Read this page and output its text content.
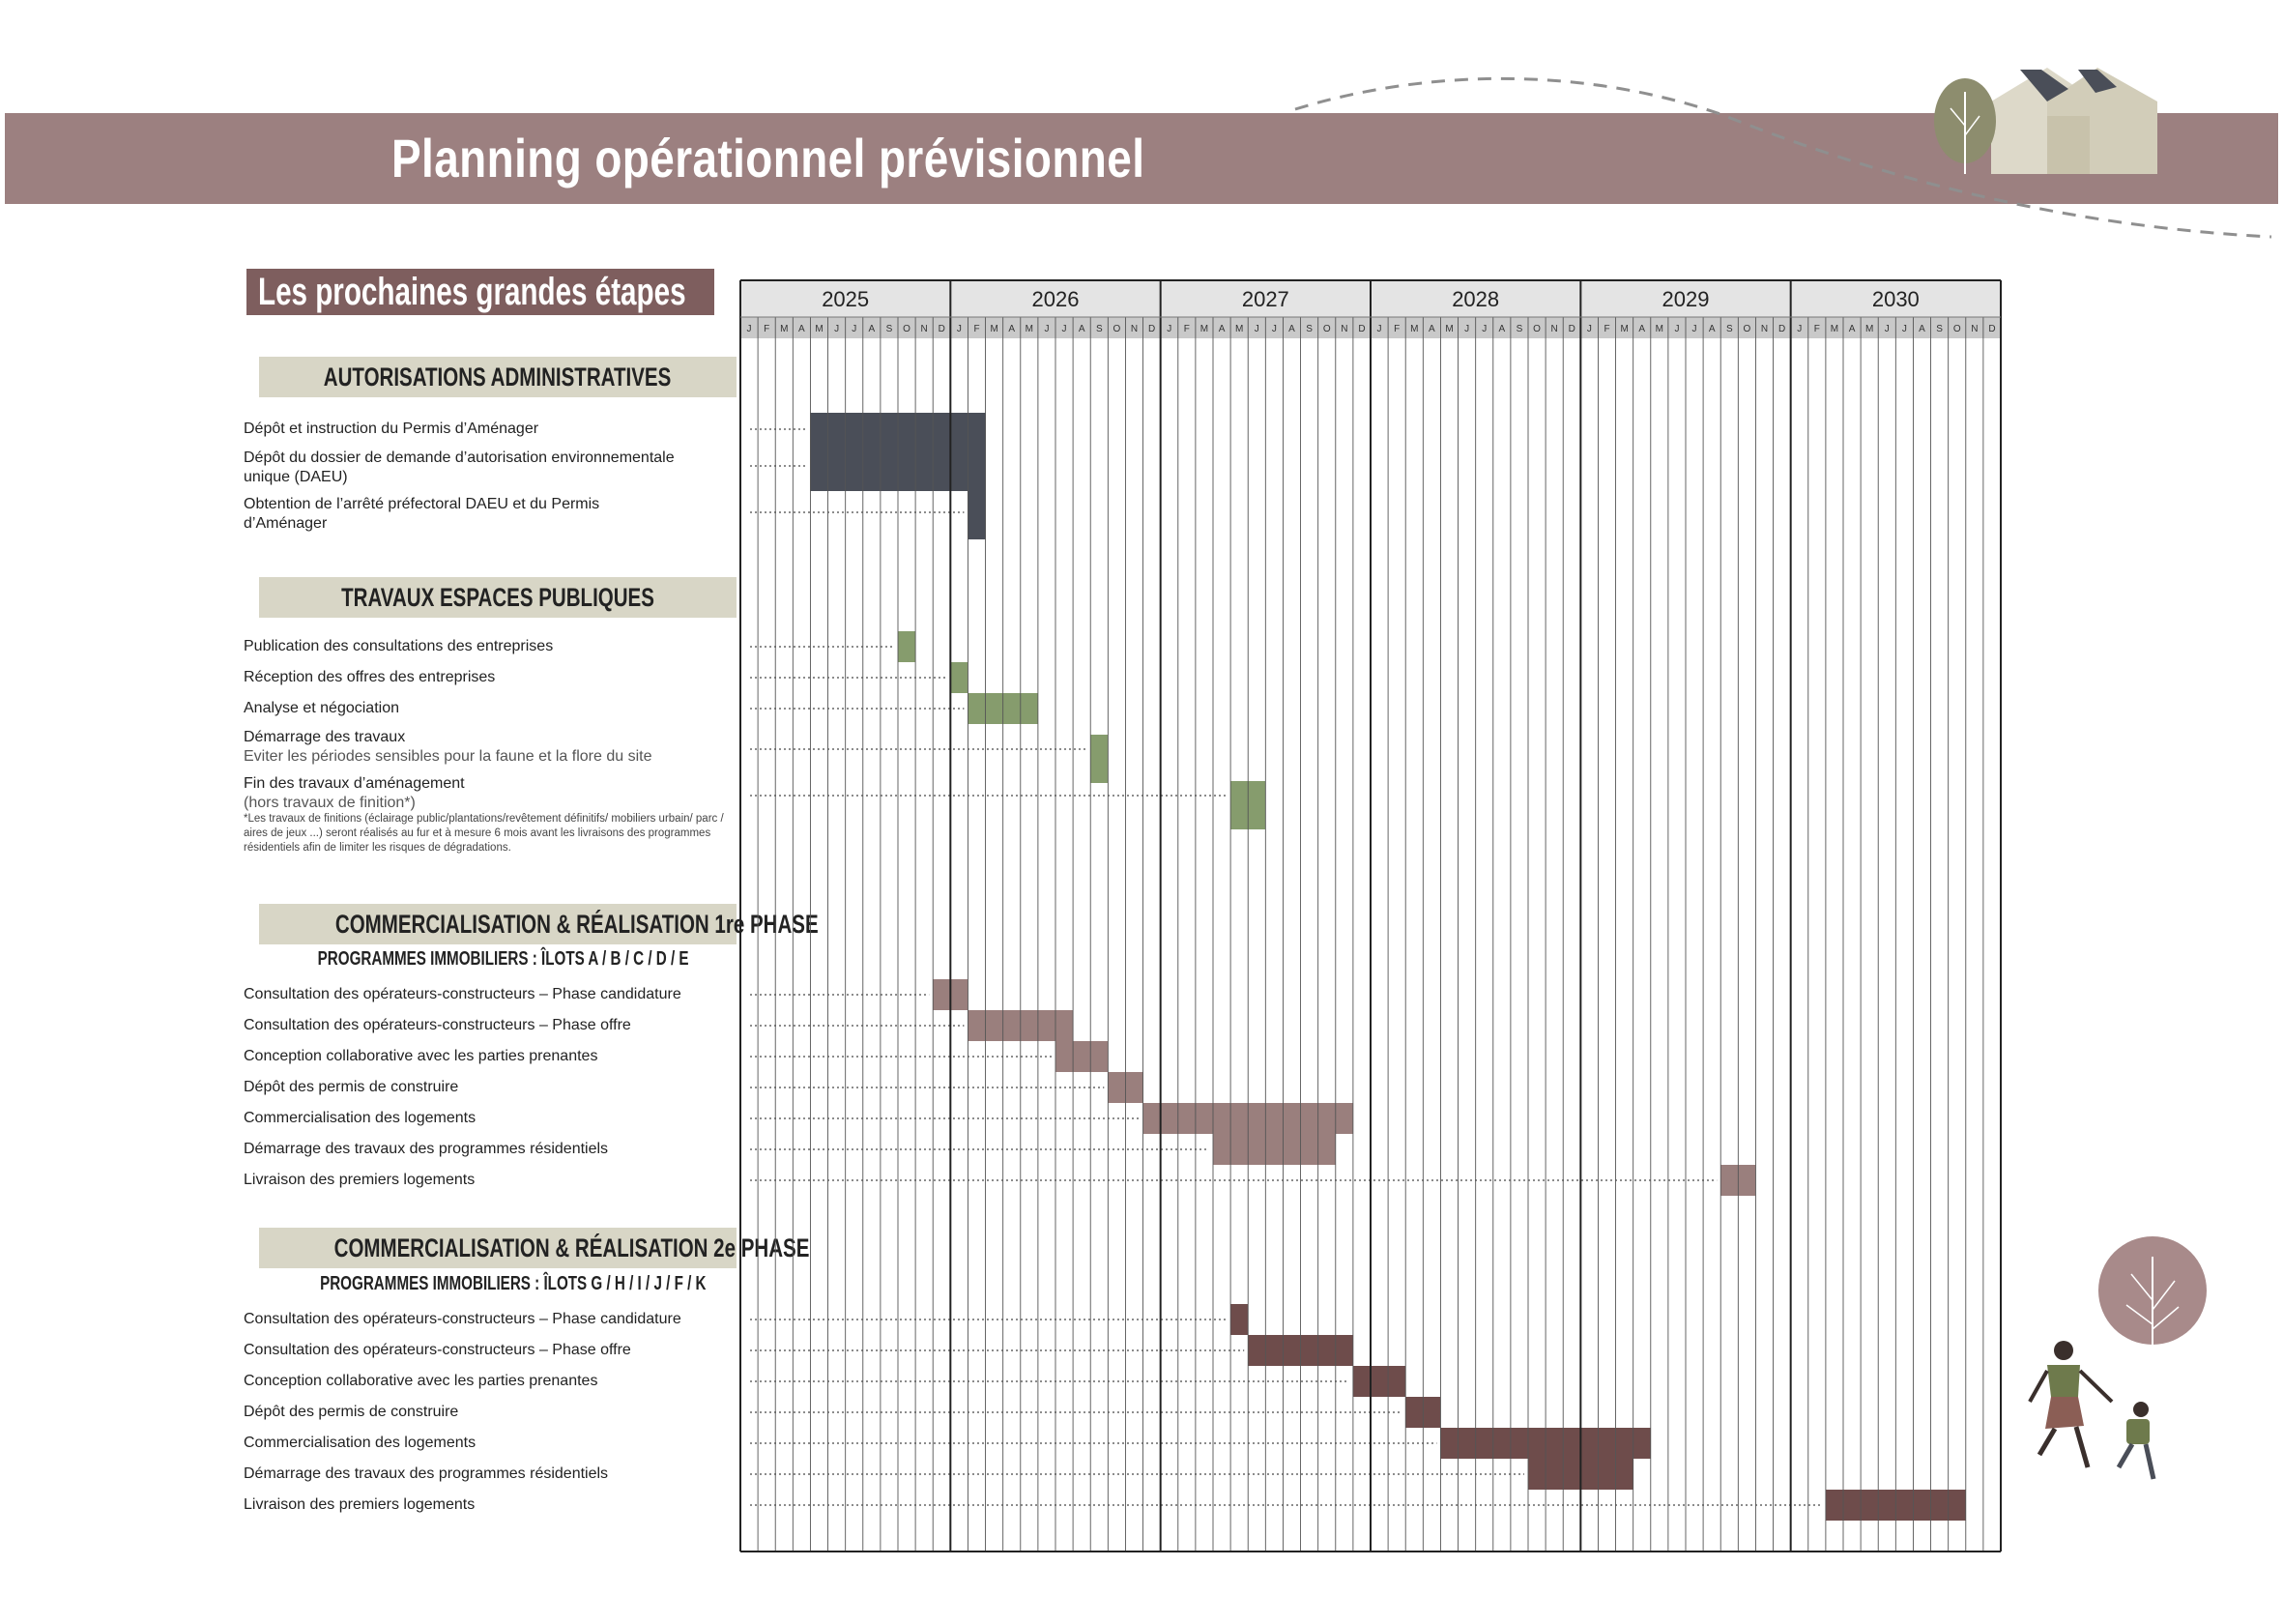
Planning opérationnel prévisionnel
Les prochaines grandes étapes
AUTORISATIONS ADMINISTRATIVES
TRAVAUX ESPACES PUBLIQUES
COMMERCIALISATION & RÉALISATION 1re PHASE
PROGRAMMES IMMOBILIERS : ÎLOTS A / B / C / D / E
COMMERCIALISATION & RÉALISATION 2e PHASE
PROGRAMMES IMMOBILIERS : ÎLOTS G / H / I / J / F / K
Dépôt et instruction du Permis d’Aménager
Dépôt du dossier de demande d’autorisation environnementale
unique (DAEU)
Obtention de l’arrêté préfectoral DAEU et du Permis
d’Aménager
Publication des consultations des entreprises
Réception des offres des entreprises
Analyse et négociation
Démarrage des travaux
Eviter les périodes sensibles pour la faune et la flore du site
Fin des travaux d’aménagement
(hors travaux de finition*)
*Les travaux de finitions (éclairage public/plantations/revêtement définitifs/ mobiliers urbain/ parc / aires de jeux ...) seront réalisés au fur et à mesure 6 mois avant les livraisons des programmes résidentiels afin de limiter les risques de dégradations.
Consultation des opérateurs-constructeurs – Phase candidature
Consultation des opérateurs-constructeurs – Phase offre
Conception collaborative avec les parties prenantes
Dépôt des permis de construire
Commercialisation des logements
Démarrage des travaux des programmes résidentiels
Livraison des premiers logements
Consultation des opérateurs-constructeurs – Phase candidature
Consultation des opérateurs-constructeurs – Phase offre
Conception collaborative avec les parties prenantes
Dépôt des permis de construire
Commercialisation des logements
Démarrage des travaux des programmes résidentiels
Livraison des premiers logements
2025	2026	2027	2028	2029	2030
J F M A M J J A S O N D J F M A M J J A S O N D J F M A M J J A S O N D J F M A M J J A S O N D J F M A M J J A S O N D J F M A M J J A S O N D
